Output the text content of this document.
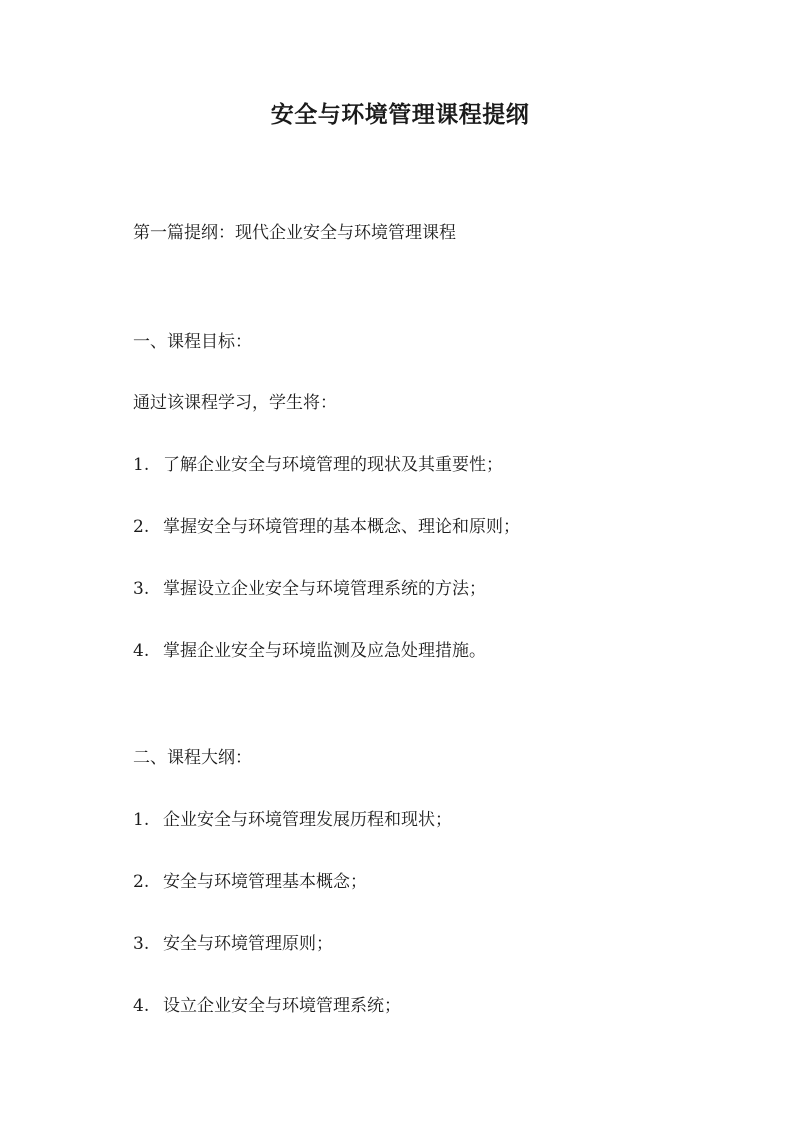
安全与环境管理课程提纲
第一篇提纲：现代企业安全与环境管理课程
一、课程目标：
通过该课程学习，学生将：
1. 了解企业安全与环境管理的现状及其重要性；
2. 掌握安全与环境管理的基本概念、理论和原则；
3. 掌握设立企业安全与环境管理系统的方法；
4. 掌握企业安全与环境监测及应急处理措施。
二、课程大纲：
1. 企业安全与环境管理发展历程和现状；
2. 安全与环境管理基本概念；
3. 安全与环境管理原则；
4. 设立企业安全与环境管理系统；
